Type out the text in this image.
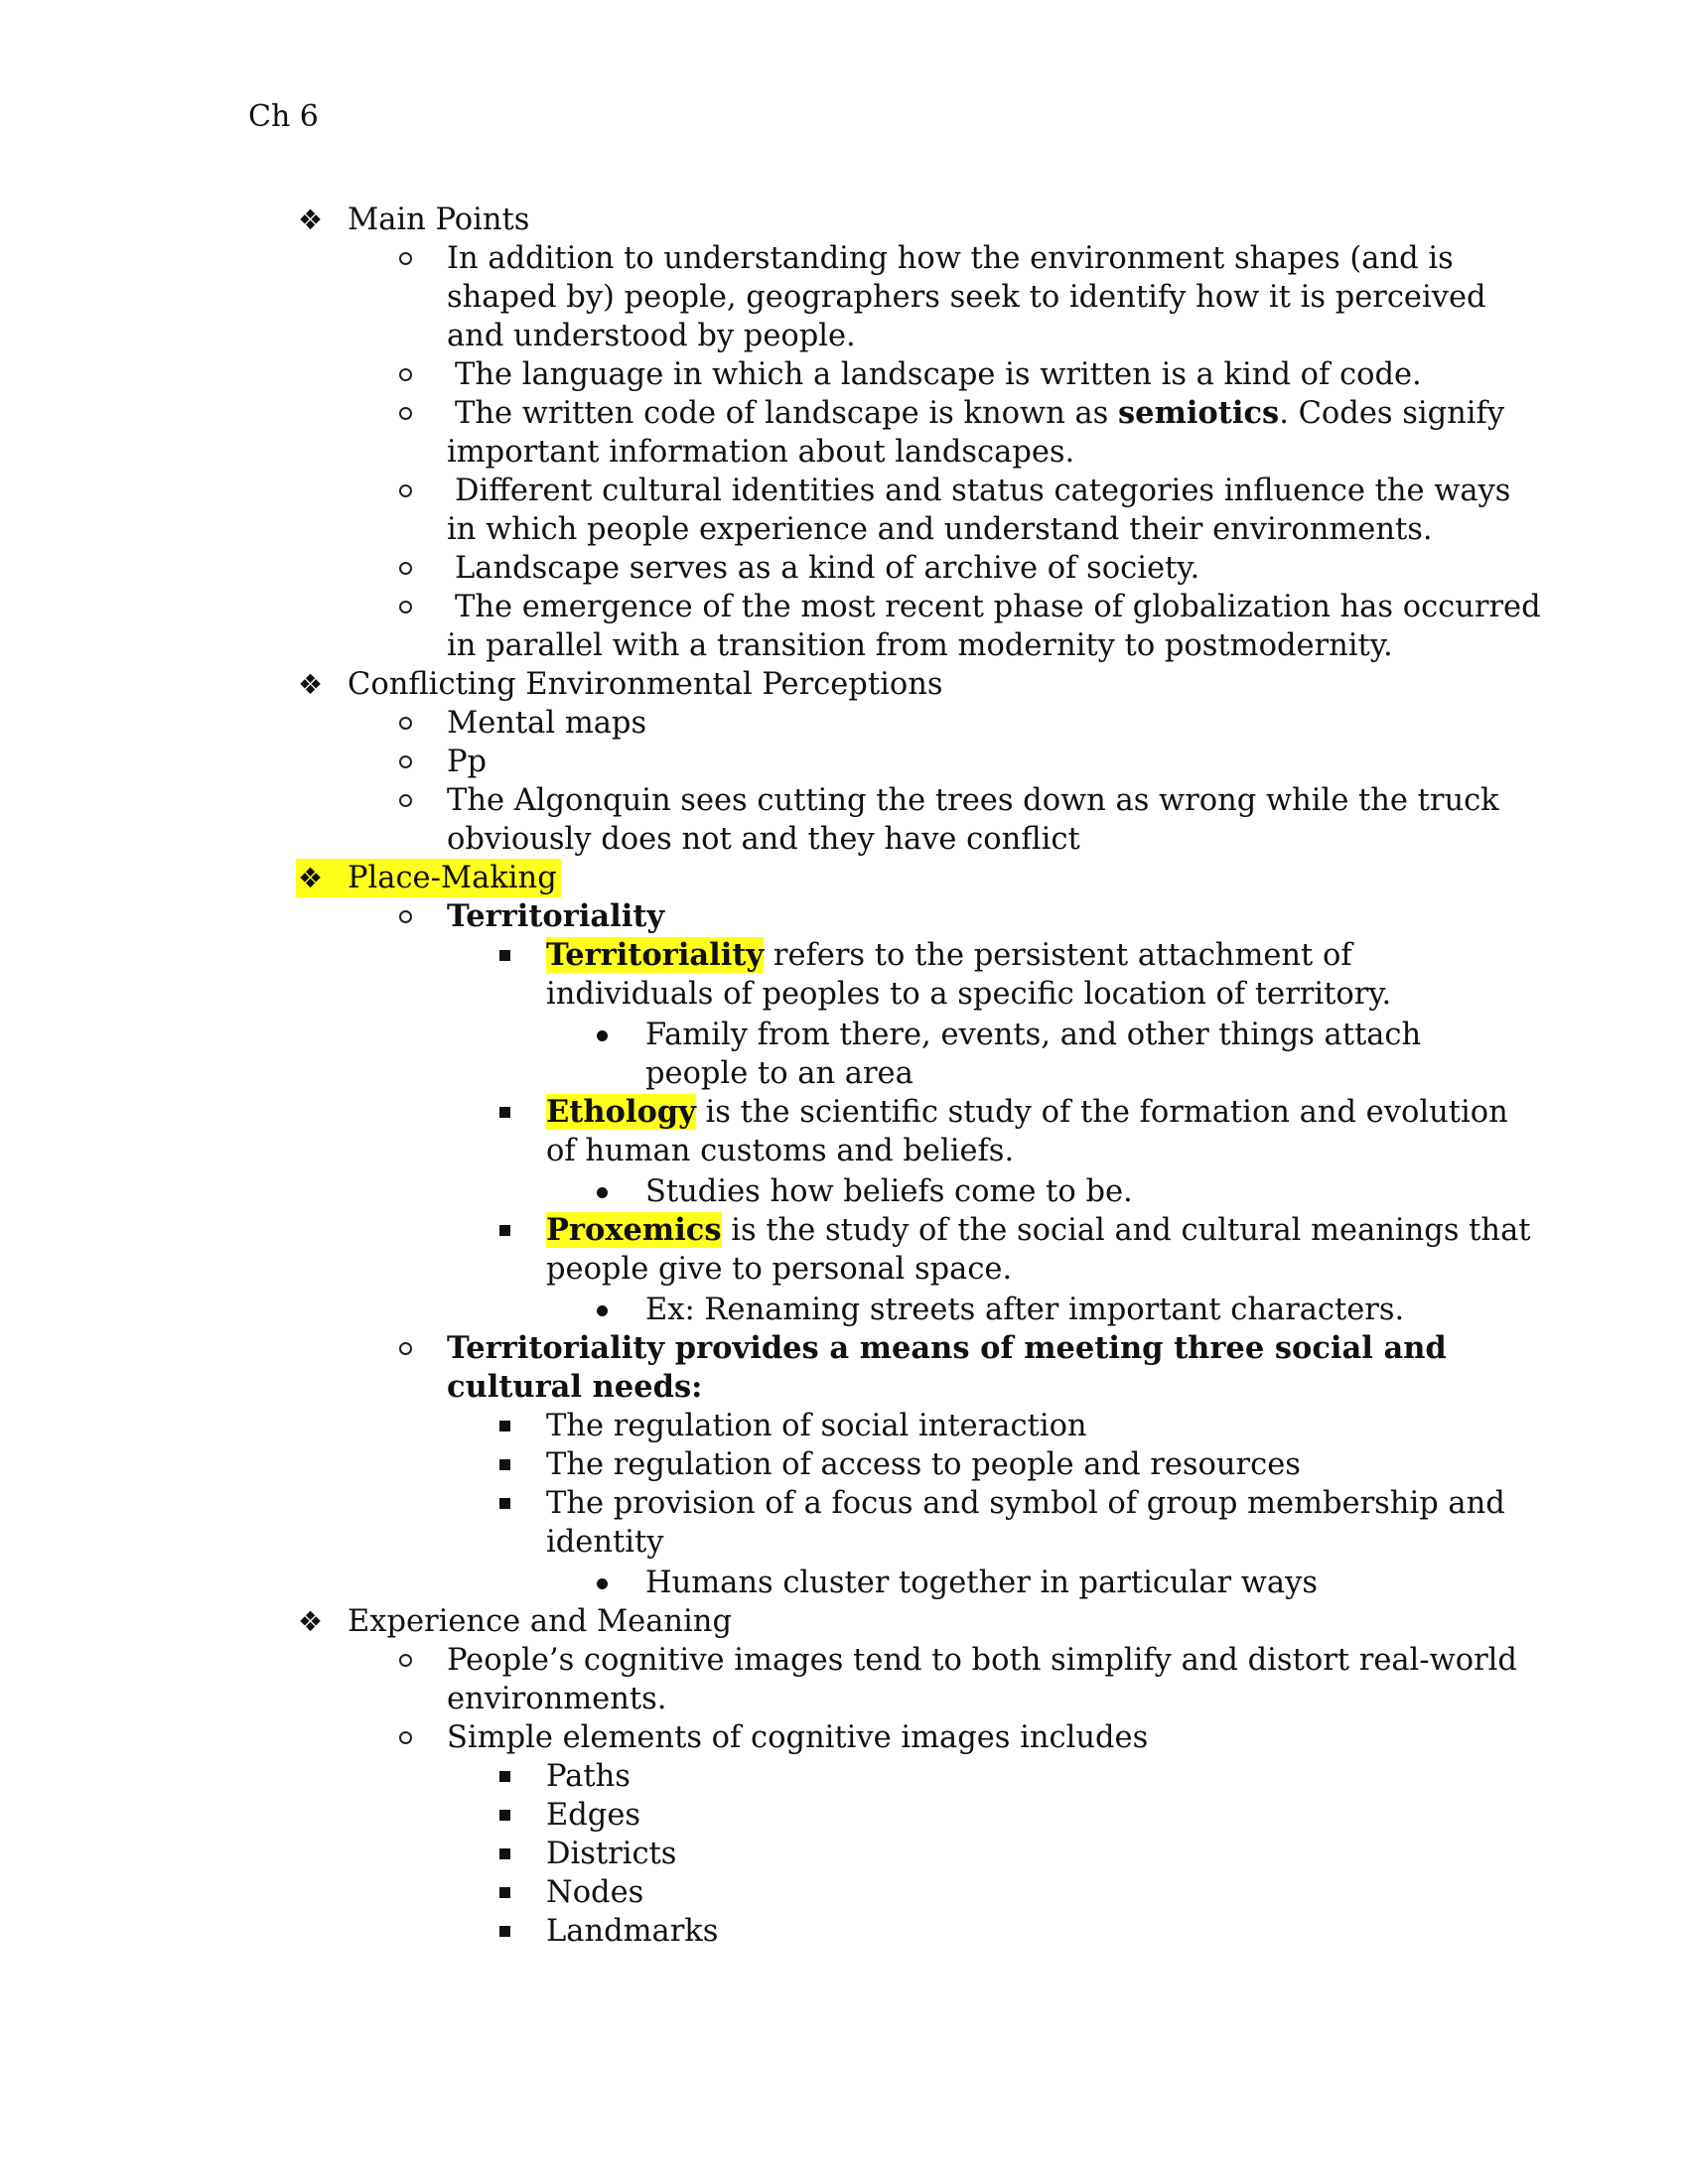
Ch 6
❖ Main Points
In addition to understanding how the environment shapes (and is
shaped by) people, geographers seek to identify how it is perceived
and understood by people.
The language in which a landscape is written is a kind of code.
The written code of landscape is known as semiotics. Codes signify
important information about landscapes.
Different cultural identities and status categories influence the ways
in which people experience and understand their environments.
Landscape serves as a kind of archive of society.
The emergence of the most recent phase of globalization has occurred
in parallel with a transition from modernity to postmodernity.
❖ Conflicting Environmental Perceptions
Mental maps
Pp
The Algonquin sees cutting the trees down as wrong while the truck
obviously does not and they have conflict
❖ Place-Making
Territoriality
Territoriality refers to the persistent attachment of
individuals of peoples to a specific location of territory.
Family from there, events, and other things attach
people to an area
Ethology is the scientific study of the formation and evolution
of human customs and beliefs.
Studies how beliefs come to be.
Proxemics is the study of the social and cultural meanings that
people give to personal space.
Ex: Renaming streets after important characters.
Territoriality provides a means of meeting three social and
cultural needs:
The regulation of social interaction
The regulation of access to people and resources
The provision of a focus and symbol of group membership and
identity
Humans cluster together in particular ways
❖ Experience and Meaning
People’s cognitive images tend to both simplify and distort real-world
environments.
Simple elements of cognitive images includes
Paths
Edges
Districts
Nodes
Landmarks
